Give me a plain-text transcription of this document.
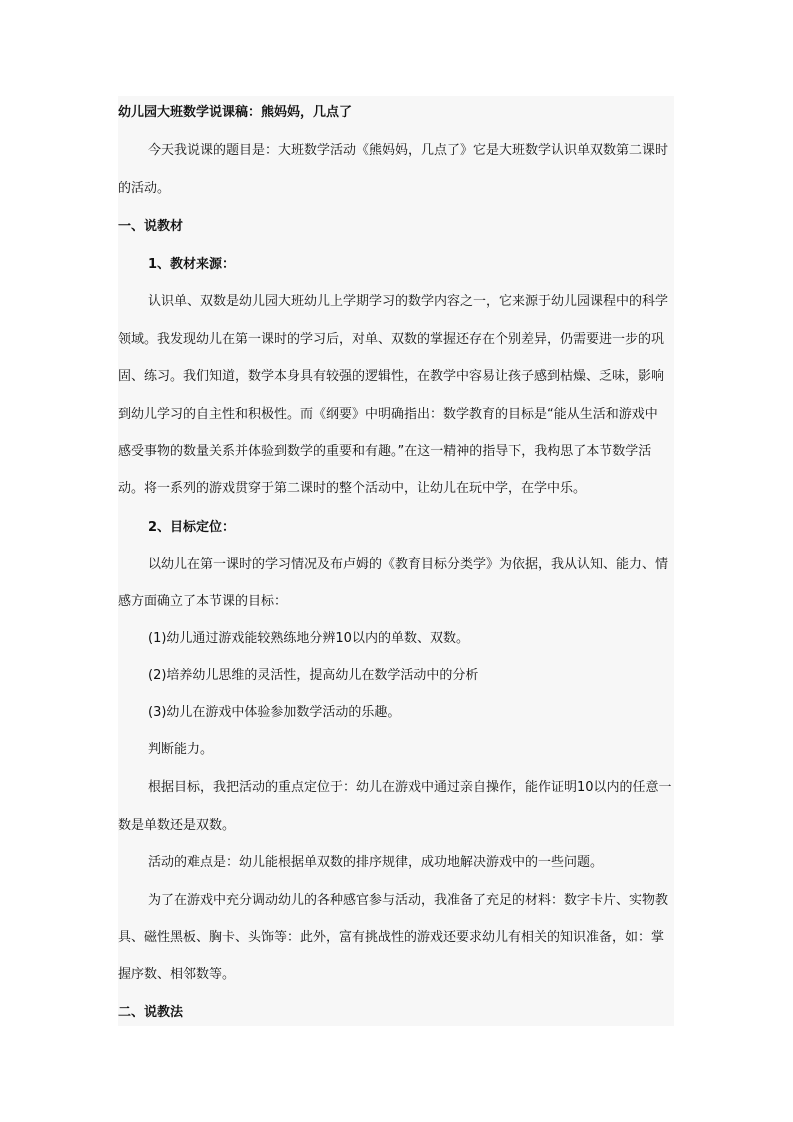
幼儿园大班数学说课稿：熊妈妈，几点了
今天我说课的题目是：大班数学活动《熊妈妈，几点了》它是大班数学认识单双数第二课时
的活动。
一、说教材
1、教材来源：
认识单、双数是幼儿园大班幼儿上学期学习的数学内容之一，它来源于幼儿园课程中的科学
领域。我发现幼儿在第一课时的学习后，对单、双数的掌握还存在个别差异，仍需要进一步的巩
固、练习。我们知道，数学本身具有较强的逻辑性，在教学中容易让孩子感到枯燥、乏味，影响
到幼儿学习的自主性和积极性。而《纲要》中明确指出：数学教育的目标是“能从生活和游戏中
感受事物的数量关系并体验到数学的重要和有趣。”在这一精神的指导下，我构思了本节数学活
动。将一系列的游戏贯穿于第二课时的整个活动中，让幼儿在玩中学，在学中乐。
2、目标定位：
以幼儿在第一课时的学习情况及布卢姆的《教育目标分类学》为依据，我从认知、能力、情
感方面确立了本节课的目标：
(1)幼儿通过游戏能较熟练地分辨10以内的单数、双数。
(2)培养幼儿思维的灵活性，提高幼儿在数学活动中的分析
(3)幼儿在游戏中体验参加数学活动的乐趣。
判断能力。
根据目标，我把活动的重点定位于：幼儿在游戏中通过亲自操作，能作证明10以内的任意一
数是单数还是双数。
活动的难点是：幼儿能根据单双数的排序规律，成功地解决游戏中的一些问题。
为了在游戏中充分调动幼儿的各种感官参与活动，我准备了充足的材料：数字卡片、实物教
具、磁性黑板、胸卡、头饰等：此外，富有挑战性的游戏还要求幼儿有相关的知识准备，如：掌
握序数、相邻数等。
二、说教法
